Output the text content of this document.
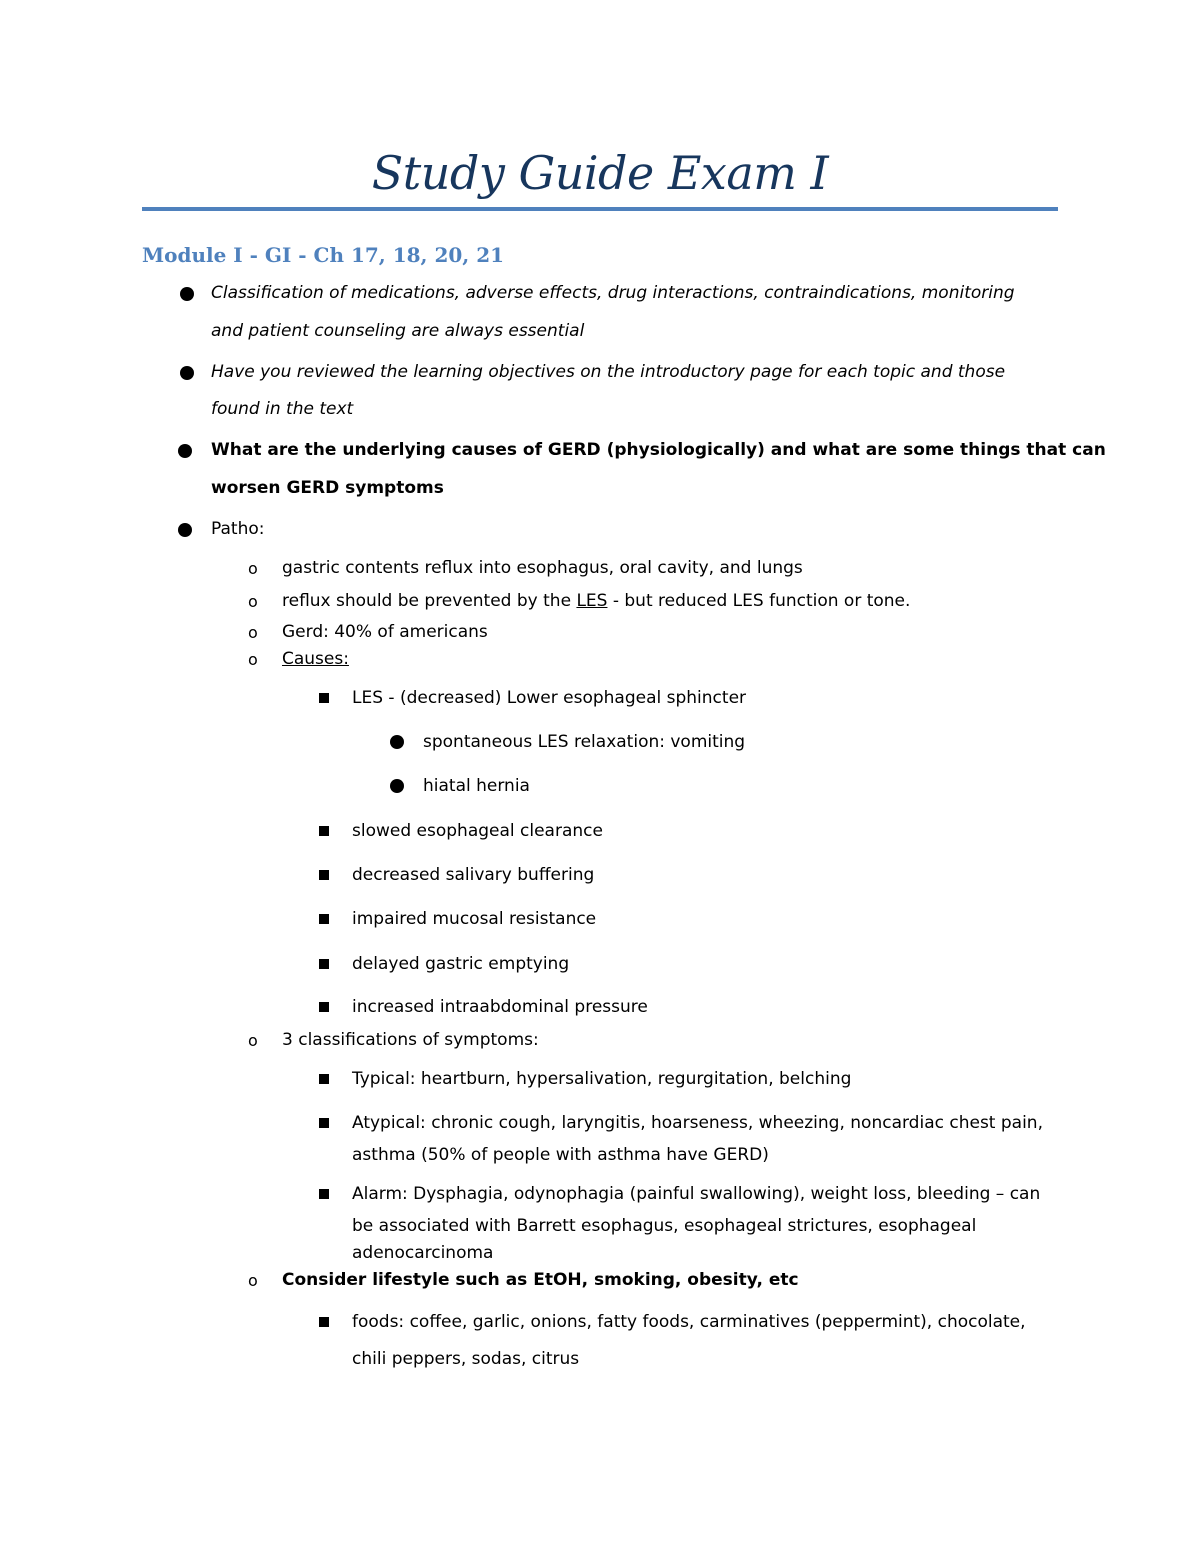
Study Guide Exam I
Module I - GI - Ch 17, 18, 20, 21
Classification of medications, adverse effects, drug interactions, contraindications, monitoring
and patient counseling are always essential
Have you reviewed the learning objectives on the introductory page for each topic and those
found in the text
What are the underlying causes of GERD (physiologically) and what are some things that can
worsen GERD symptoms
Patho:
o gastric contents reflux into esophagus, oral cavity, and lungs
o reflux should be prevented by the LES - but reduced LES function or tone.
o Gerd: 40% of americans
o Causes:
LES - (decreased) Lower esophageal sphincter
spontaneous LES relaxation: vomiting
hiatal hernia
slowed esophageal clearance
decreased salivary buffering
impaired mucosal resistance
delayed gastric emptying
increased intraabdominal pressure
o 3 classifications of symptoms:
Typical: heartburn, hypersalivation, regurgitation, belching
Atypical: chronic cough, laryngitis, hoarseness, wheezing, noncardiac chest pain,
asthma (50% of people with asthma have GERD)
Alarm: Dysphagia, odynophagia (painful swallowing), weight loss, bleeding – can
be associated with Barrett esophagus, esophageal strictures, esophageal
adenocarcinoma
o Consider lifestyle such as EtOH, smoking, obesity, etc
foods: coffee, garlic, onions, fatty foods, carminatives (peppermint), chocolate,
chili peppers, sodas, citrus
